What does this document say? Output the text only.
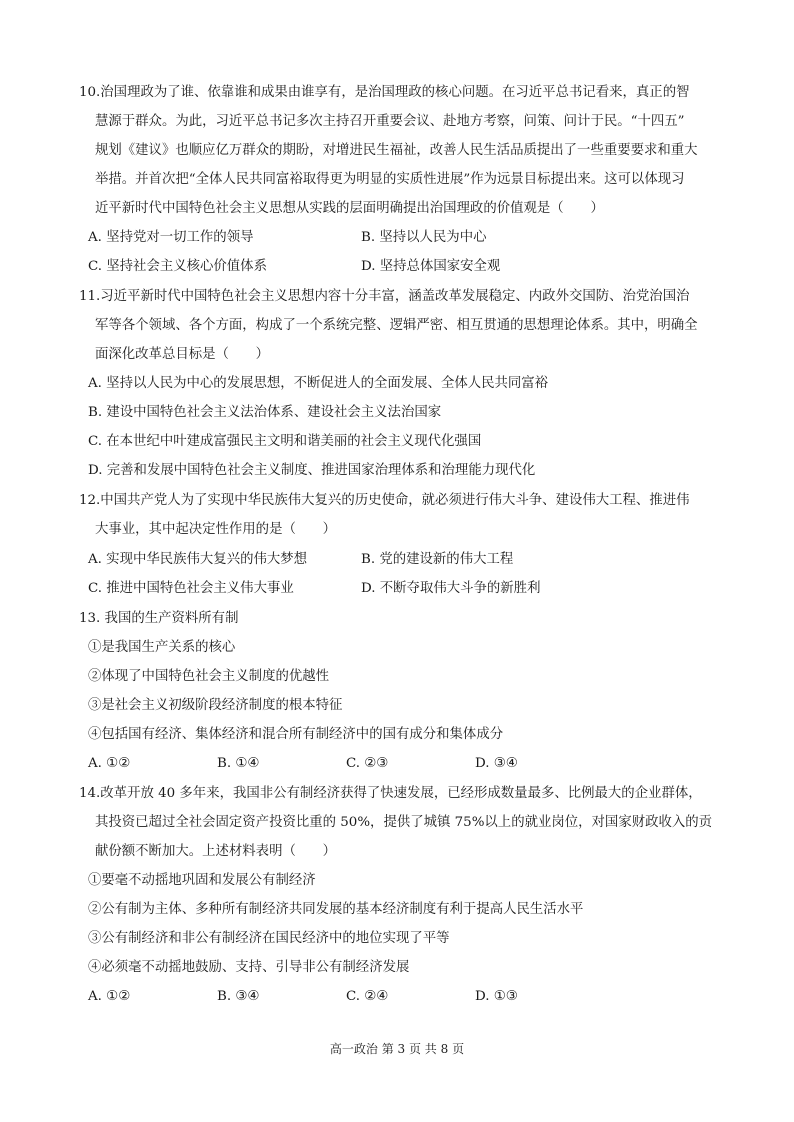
10.治国理政为了谁、依靠谁和成果由谁享有，是治国理政的核心问题。在习近平总书记看来，真正的智
慧源于群众。为此，习近平总书记多次主持召开重要会议、赴地方考察，问策、问计于民。“十四五”
规划《建议》也顺应亿万群众的期盼，对增进民生福祉，改善人民生活品质提出了一些重要要求和重大
举措。并首次把“全体人民共同富裕取得更为明显的实质性进展”作为远景目标提出来。这可以体现习
近平新时代中国特色社会主义思想从实践的层面明确提出治国理政的价值观是（　　）
A. 坚持党对一切工作的领导	B. 坚持以人民为中心
C. 坚持社会主义核心价值体系	D. 坚持总体国家安全观
11.习近平新时代中国特色社会主义思想内容十分丰富，涵盖改革发展稳定、内政外交国防、治党治国治
军等各个领域、各个方面，构成了一个系统完整、逻辑严密、相互贯通的思想理论体系。其中，明确全
面深化改革总目标是（　　）
A. 坚持以人民为中心的发展思想，不断促进人的全面发展、全体人民共同富裕
B. 建设中国特色社会主义法治体系、建设社会主义法治国家
C. 在本世纪中叶建成富强民主文明和谐美丽的社会主义现代化强国
D. 完善和发展中国特色社会主义制度、推进国家治理体系和治理能力现代化
12.中国共产党人为了实现中华民族伟大复兴的历史使命，就必须进行伟大斗争、建设伟大工程、推进伟
大事业，其中起决定性作用的是（　　）
A. 实现中华民族伟大复兴的伟大梦想	B. 党的建设新的伟大工程
C. 推进中国特色社会主义伟大事业	D. 不断夺取伟大斗争的新胜利
13. 我国的生产资料所有制
①是我国生产关系的核心
②体现了中国特色社会主义制度的优越性
③是社会主义初级阶段经济制度的根本特征
④包括国有经济、集体经济和混合所有制经济中的国有成分和集体成分
A. ①②	B. ①④	C. ②③	D. ③④
14.改革开放 40 多年来，我国非公有制经济获得了快速发展，已经形成数量最多、比例最大的企业群体，
其投资已超过全社会固定资产投资比重的 50%，提供了城镇 75%以上的就业岗位，对国家财政收入的贡
献份额不断加大。上述材料表明（　　）
①要毫不动摇地巩固和发展公有制经济
②公有制为主体、多种所有制经济共同发展的基本经济制度有利于提高人民生活水平
③公有制经济和非公有制经济在国民经济中的地位实现了平等
④必须毫不动摇地鼓励、支持、引导非公有制经济发展
A. ①②	B. ③④	C. ②④	D. ①③
高一政治 第 3 页 共 8 页
